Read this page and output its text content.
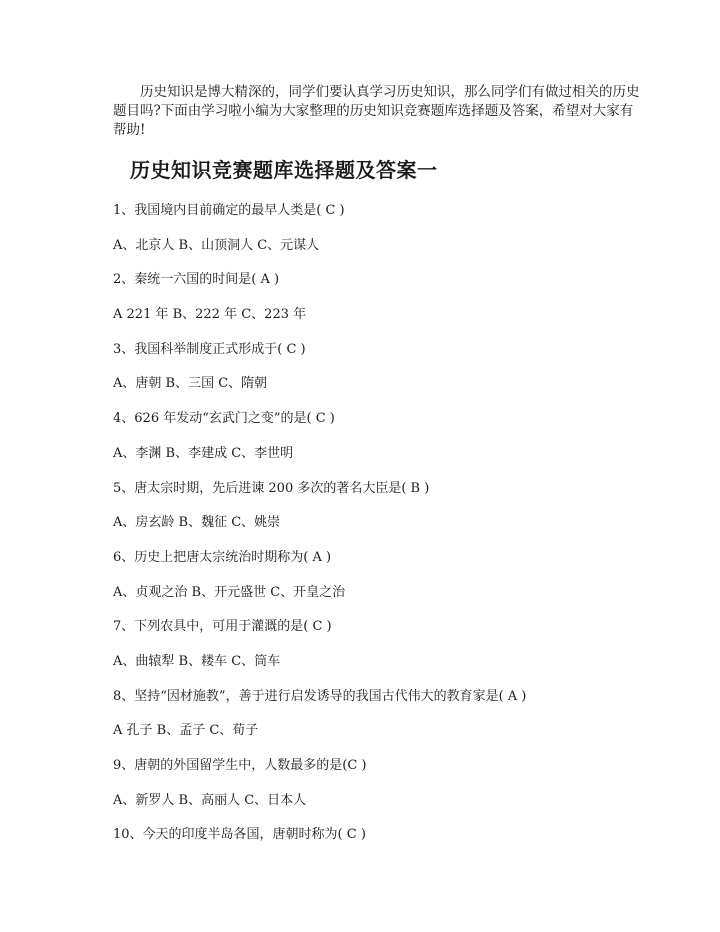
历史知识是博大精深的，同学们要认真学习历史知识，那么同学们有做过相关的历史题目吗?下面由学习啦小编为大家整理的历史知识竞赛题库选择题及答案，希望对大家有帮助!

历史知识竞赛题库选择题及答案一
1、我国境内目前确定的最早人类是( C )
A、北京人 B、山顶洞人 C、元谋人
2、秦统一六国的时间是( A )
A 221 年 B、222 年 C、223 年
3、我国科举制度正式形成于( C )
A、唐朝 B、三国 C、隋朝
4、626 年发动“玄武门之变”的是( C )
A、李渊 B、李建成 C、李世明
5、唐太宗时期，先后进谏 200 多次的著名大臣是( B )
A、房玄龄 B、魏征 C、姚崇
6、历史上把唐太宗统治时期称为( A )
A、贞观之治 B、开元盛世 C、开皇之治
7、下列农具中，可用于灌溉的是( C )
A、曲辕犁 B、耧车 C、筒车
8、坚持“因材施教”，善于进行启发诱导的我国古代伟大的教育家是( A )
A 孔子 B、孟子 C、荀子
9、唐朝的外国留学生中，人数最多的是(C )
A、新罗人 B、高丽人 C、日本人
10、今天的印度半岛各国，唐朝时称为( C )
